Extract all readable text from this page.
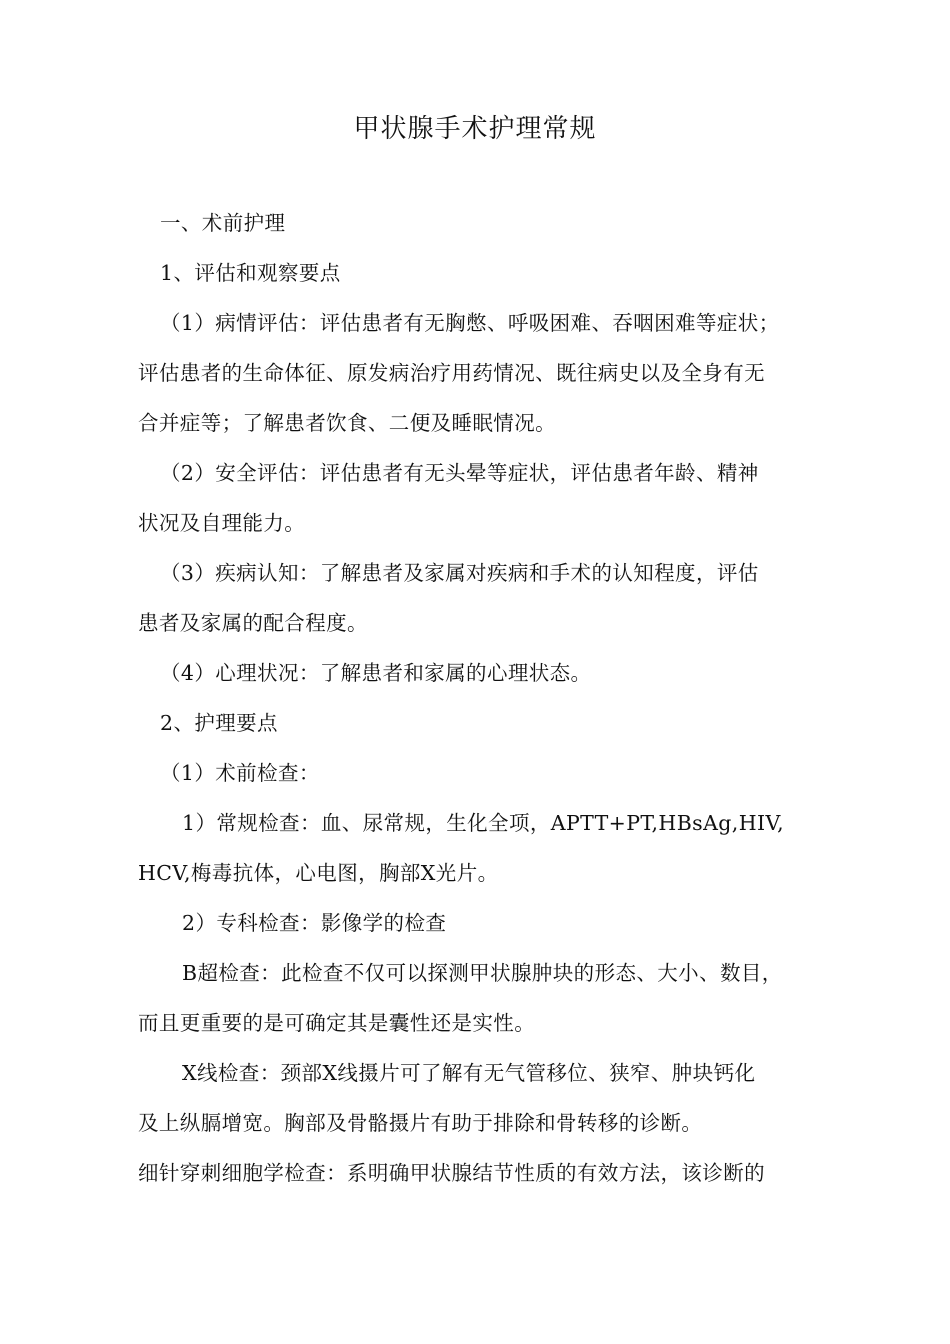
甲状腺手术护理常规
一、术前护理
1、评估和观察要点
（1）病情评估：评估患者有无胸憋、呼吸困难、吞咽困难等症状；
评估患者的生命体征、原发病治疗用药情况、既往病史以及全身有无
合并症等；了解患者饮食、二便及睡眠情况。
（2）安全评估：评估患者有无头晕等症状，评估患者年龄、精神
状况及自理能力。
（3）疾病认知：了解患者及家属对疾病和手术的认知程度，评估
患者及家属的配合程度。
（4）心理状况：了解患者和家属的心理状态。
2、护理要点
（1）术前检查：
1）常规检查：血、尿常规，生化全项，APTT+PT,HBsAg,HIV,
HCV,梅毒抗体，心电图，胸部X光片。
2）专科检查：影像学的检查
B超检查：此检查不仅可以探测甲状腺肿块的形态、大小、数目，
而且更重要的是可确定其是囊性还是实性。
X线检查：颈部X线摄片可了解有无气管移位、狭窄、肿块钙化
及上纵膈增宽。胸部及骨骼摄片有助于排除和骨转移的诊断。
细针穿刺细胞学检查：系明确甲状腺结节性质的有效方法，该诊断的
